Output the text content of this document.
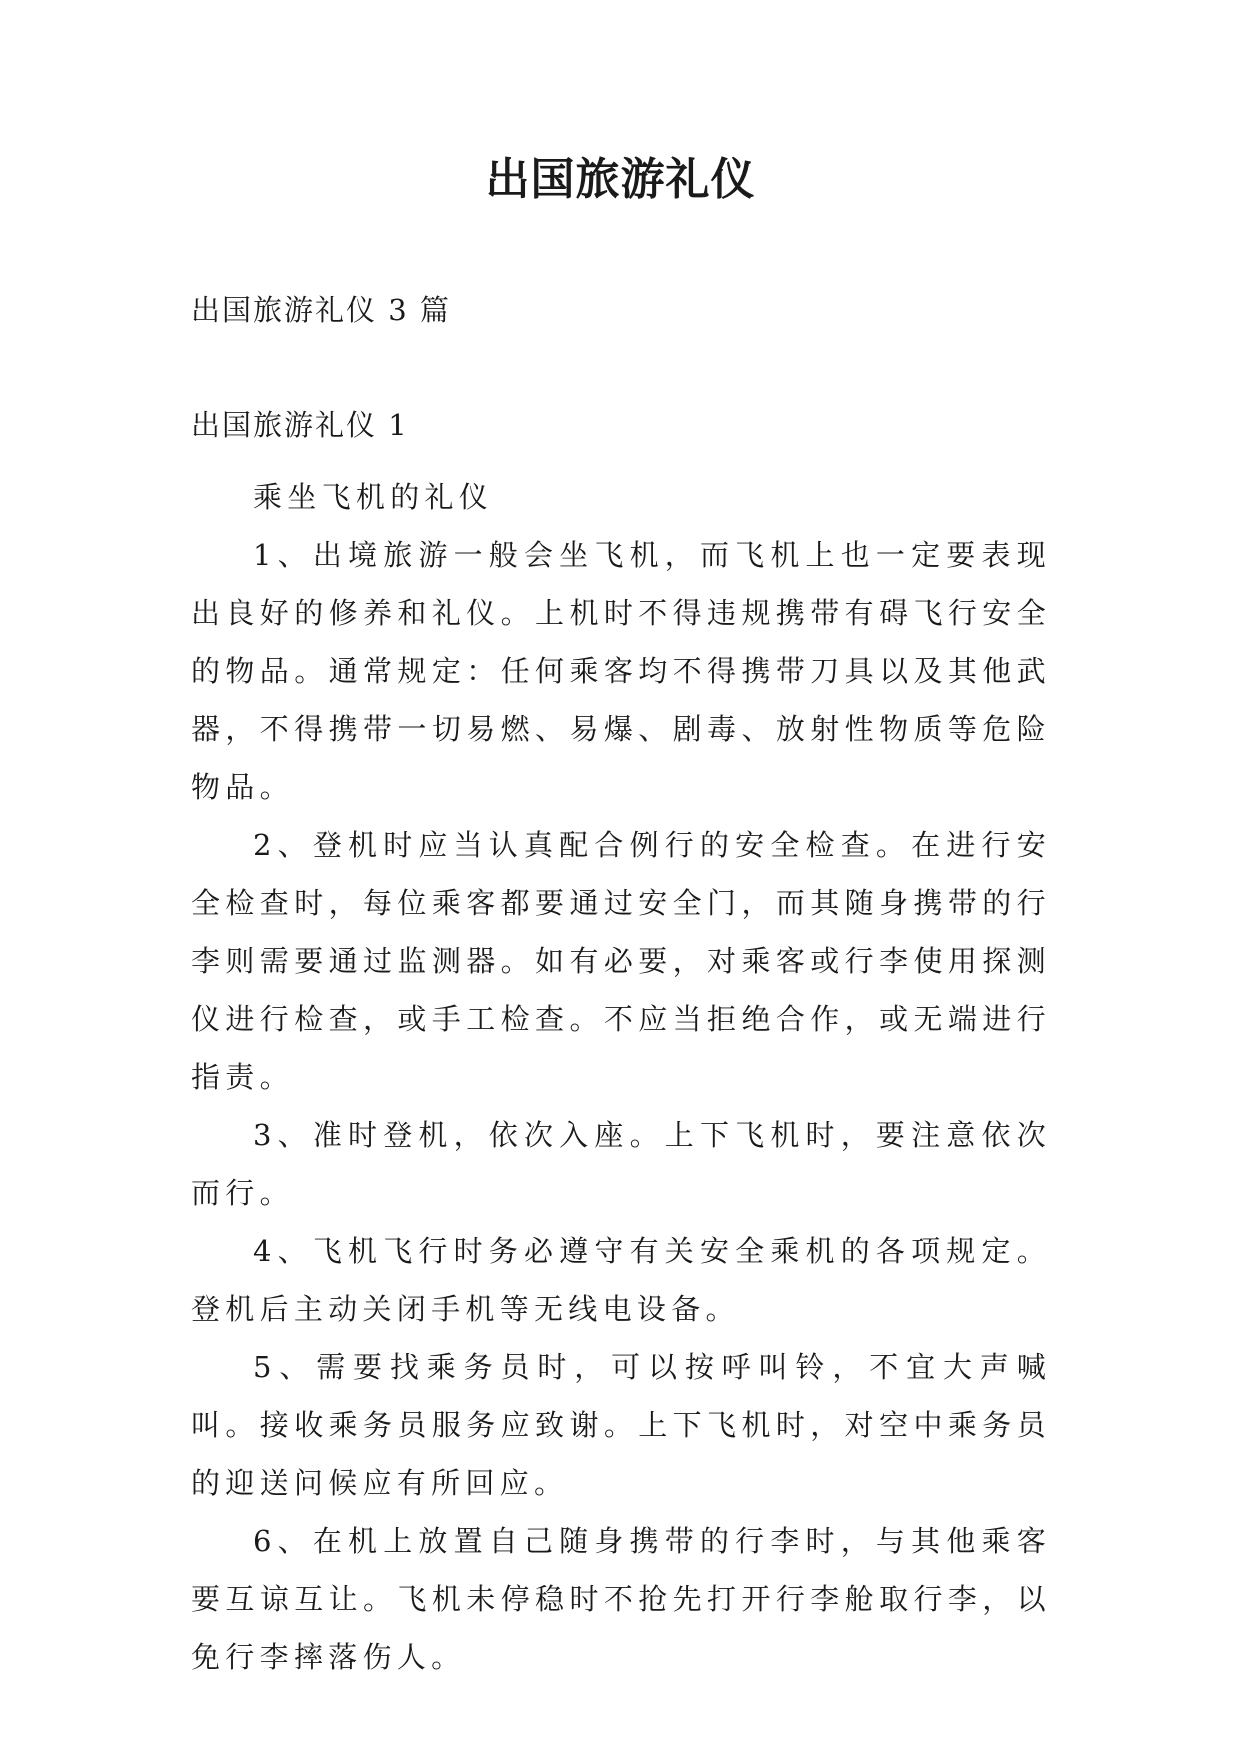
出国旅游礼仪
出国旅游礼仪 3 篇
出国旅游礼仪 1

乘坐飞机的礼仪

1、出境旅游一般会坐飞机，而飞机上也一定要表现出良好的修养和礼仪。上机时不得违规携带有碍飞行安全的物品。通常规定：任何乘客均不得携带刀具以及其他武器，不得携带一切易燃、易爆、剧毒、放射性物质等危险物品。

2、登机时应当认真配合例行的安全检查。在进行安全检查时，每位乘客都要通过安全门，而其随身携带的行李则需要通过监测器。如有必要，对乘客或行李使用探测仪进行检查，或手工检查。不应当拒绝合作，或无端进行指责。

3、准时登机，依次入座。上下飞机时，要注意依次而行。

4、飞机飞行时务必遵守有关安全乘机的各项规定。登机后主动关闭手机等无线电设备。

5、需要找乘务员时，可以按呼叫铃，不宜大声喊叫。接收乘务员服务应致谢。上下飞机时，对空中乘务员的迎送问候应有所回应。

6、在机上放置自己随身携带的行李时，与其他乘客要互谅互让。飞机未停稳时不抢先打开行李舱取行李，以免行李摔落伤人。
